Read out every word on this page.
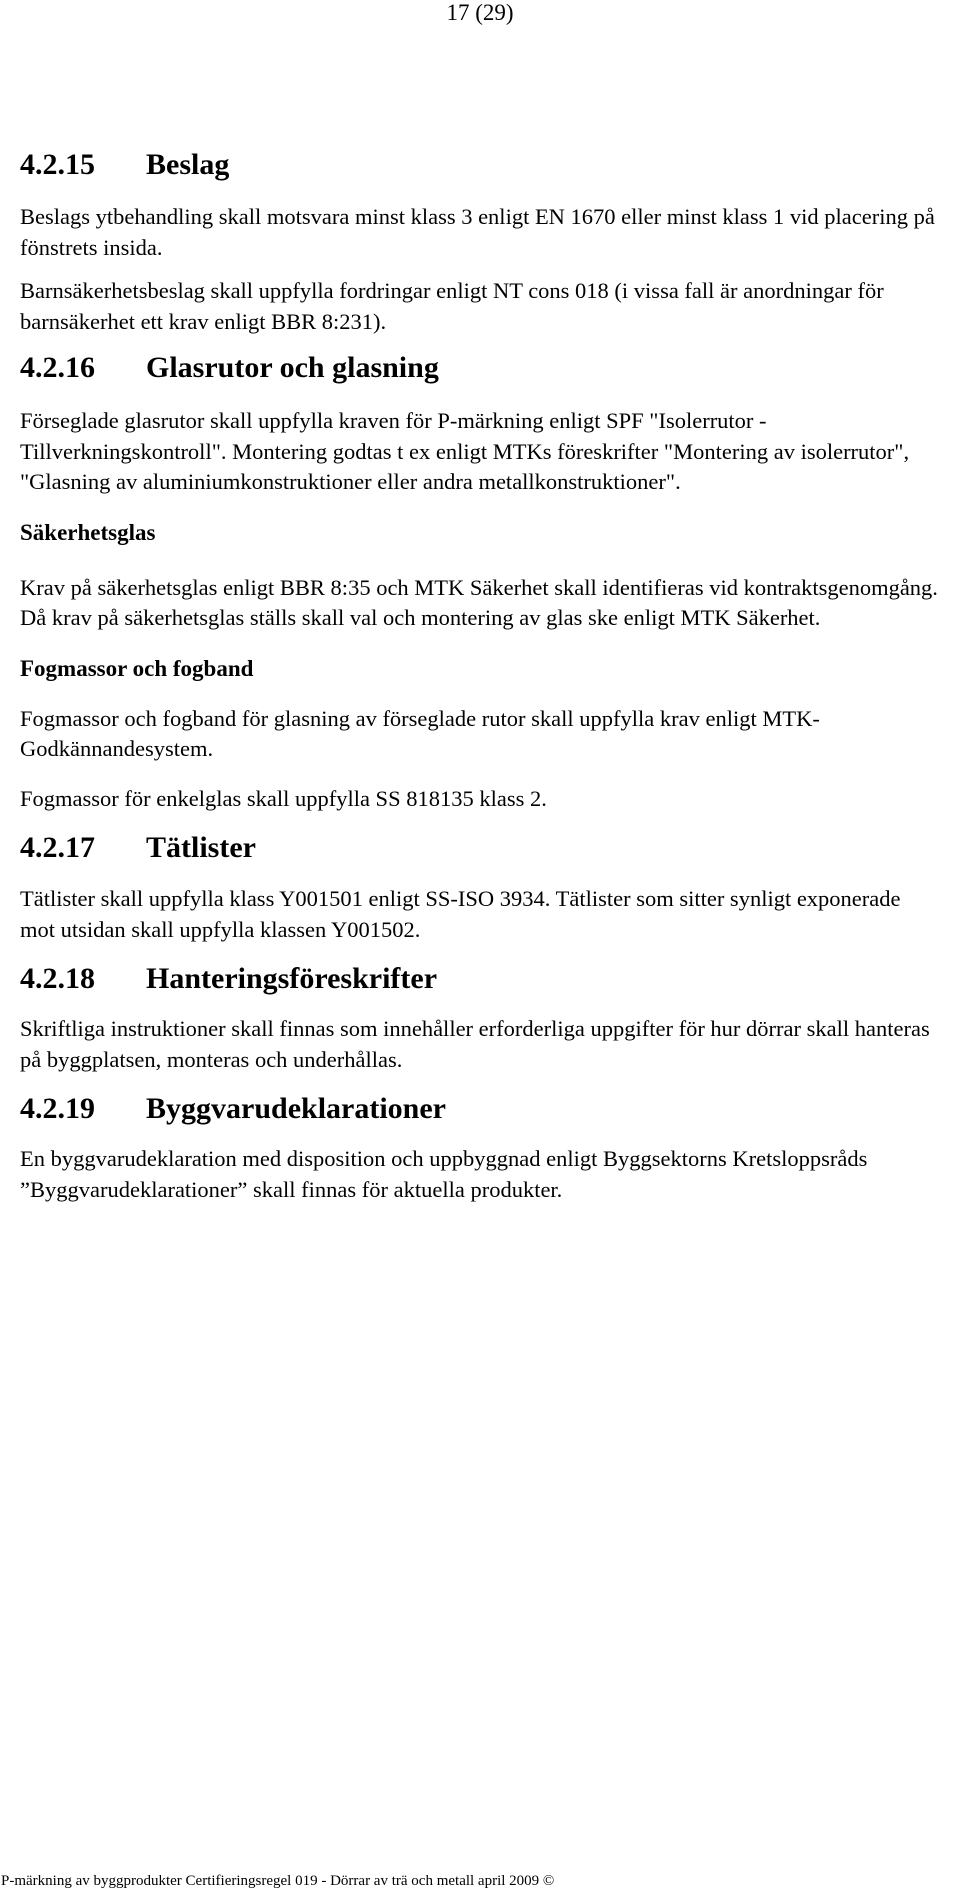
17 (29)
4.2.15	Beslag

Beslags ytbehandling skall motsvara minst klass 3 enligt EN 1670 eller minst klass 1 vid placering på fönstrets insida.

Barnsäkerhetsbeslag skall uppfylla fordringar enligt NT cons 018 (i vissa fall är anordningar för barnsäkerhet ett krav enligt BBR 8:231).

4.2.16	Glasrutor och glasning

Förseglade glasrutor skall uppfylla kraven för P-märkning enligt SPF "Isolerrutor - Tillverkningskontroll". Montering godtas t ex enligt MTKs föreskrifter "Montering av isolerrutor", "Glasning av aluminiumkonstruktioner eller andra metallkonstruktioner".

Säkerhetsglas

Krav på säkerhetsglas enligt BBR 8:35 och MTK Säkerhet skall identifieras vid kontraktsgenomgång. Då krav på säkerhetsglas ställs skall val och montering av glas ske enligt MTK Säkerhet.

Fogmassor och fogband

Fogmassor och fogband för glasning av förseglade rutor skall uppfylla krav enligt MTK-Godkännandesystem.

Fogmassor för enkelglas skall uppfylla SS 818135 klass 2.

4.2.17	Tätlister

Tätlister skall uppfylla klass Y001501 enligt SS-ISO 3934. Tätlister som sitter synligt exponerade mot utsidan skall uppfylla klassen Y001502.

4.2.18	Hanteringsföreskrifter

Skriftliga instruktioner skall finnas som innehåller erforderliga uppgifter för hur dörrar skall hanteras på byggplatsen, monteras och underhållas.

4.2.19	Byggvarudeklarationer

En byggvarudeklaration med disposition och uppbyggnad enligt Byggsektorns Kretsloppsråds ”Byggvarudeklarationer” skall finnas för aktuella produkter.

P-märkning av byggprodukter Certifieringsregel 019 - Dörrar av trä och metall april 2009 ©
